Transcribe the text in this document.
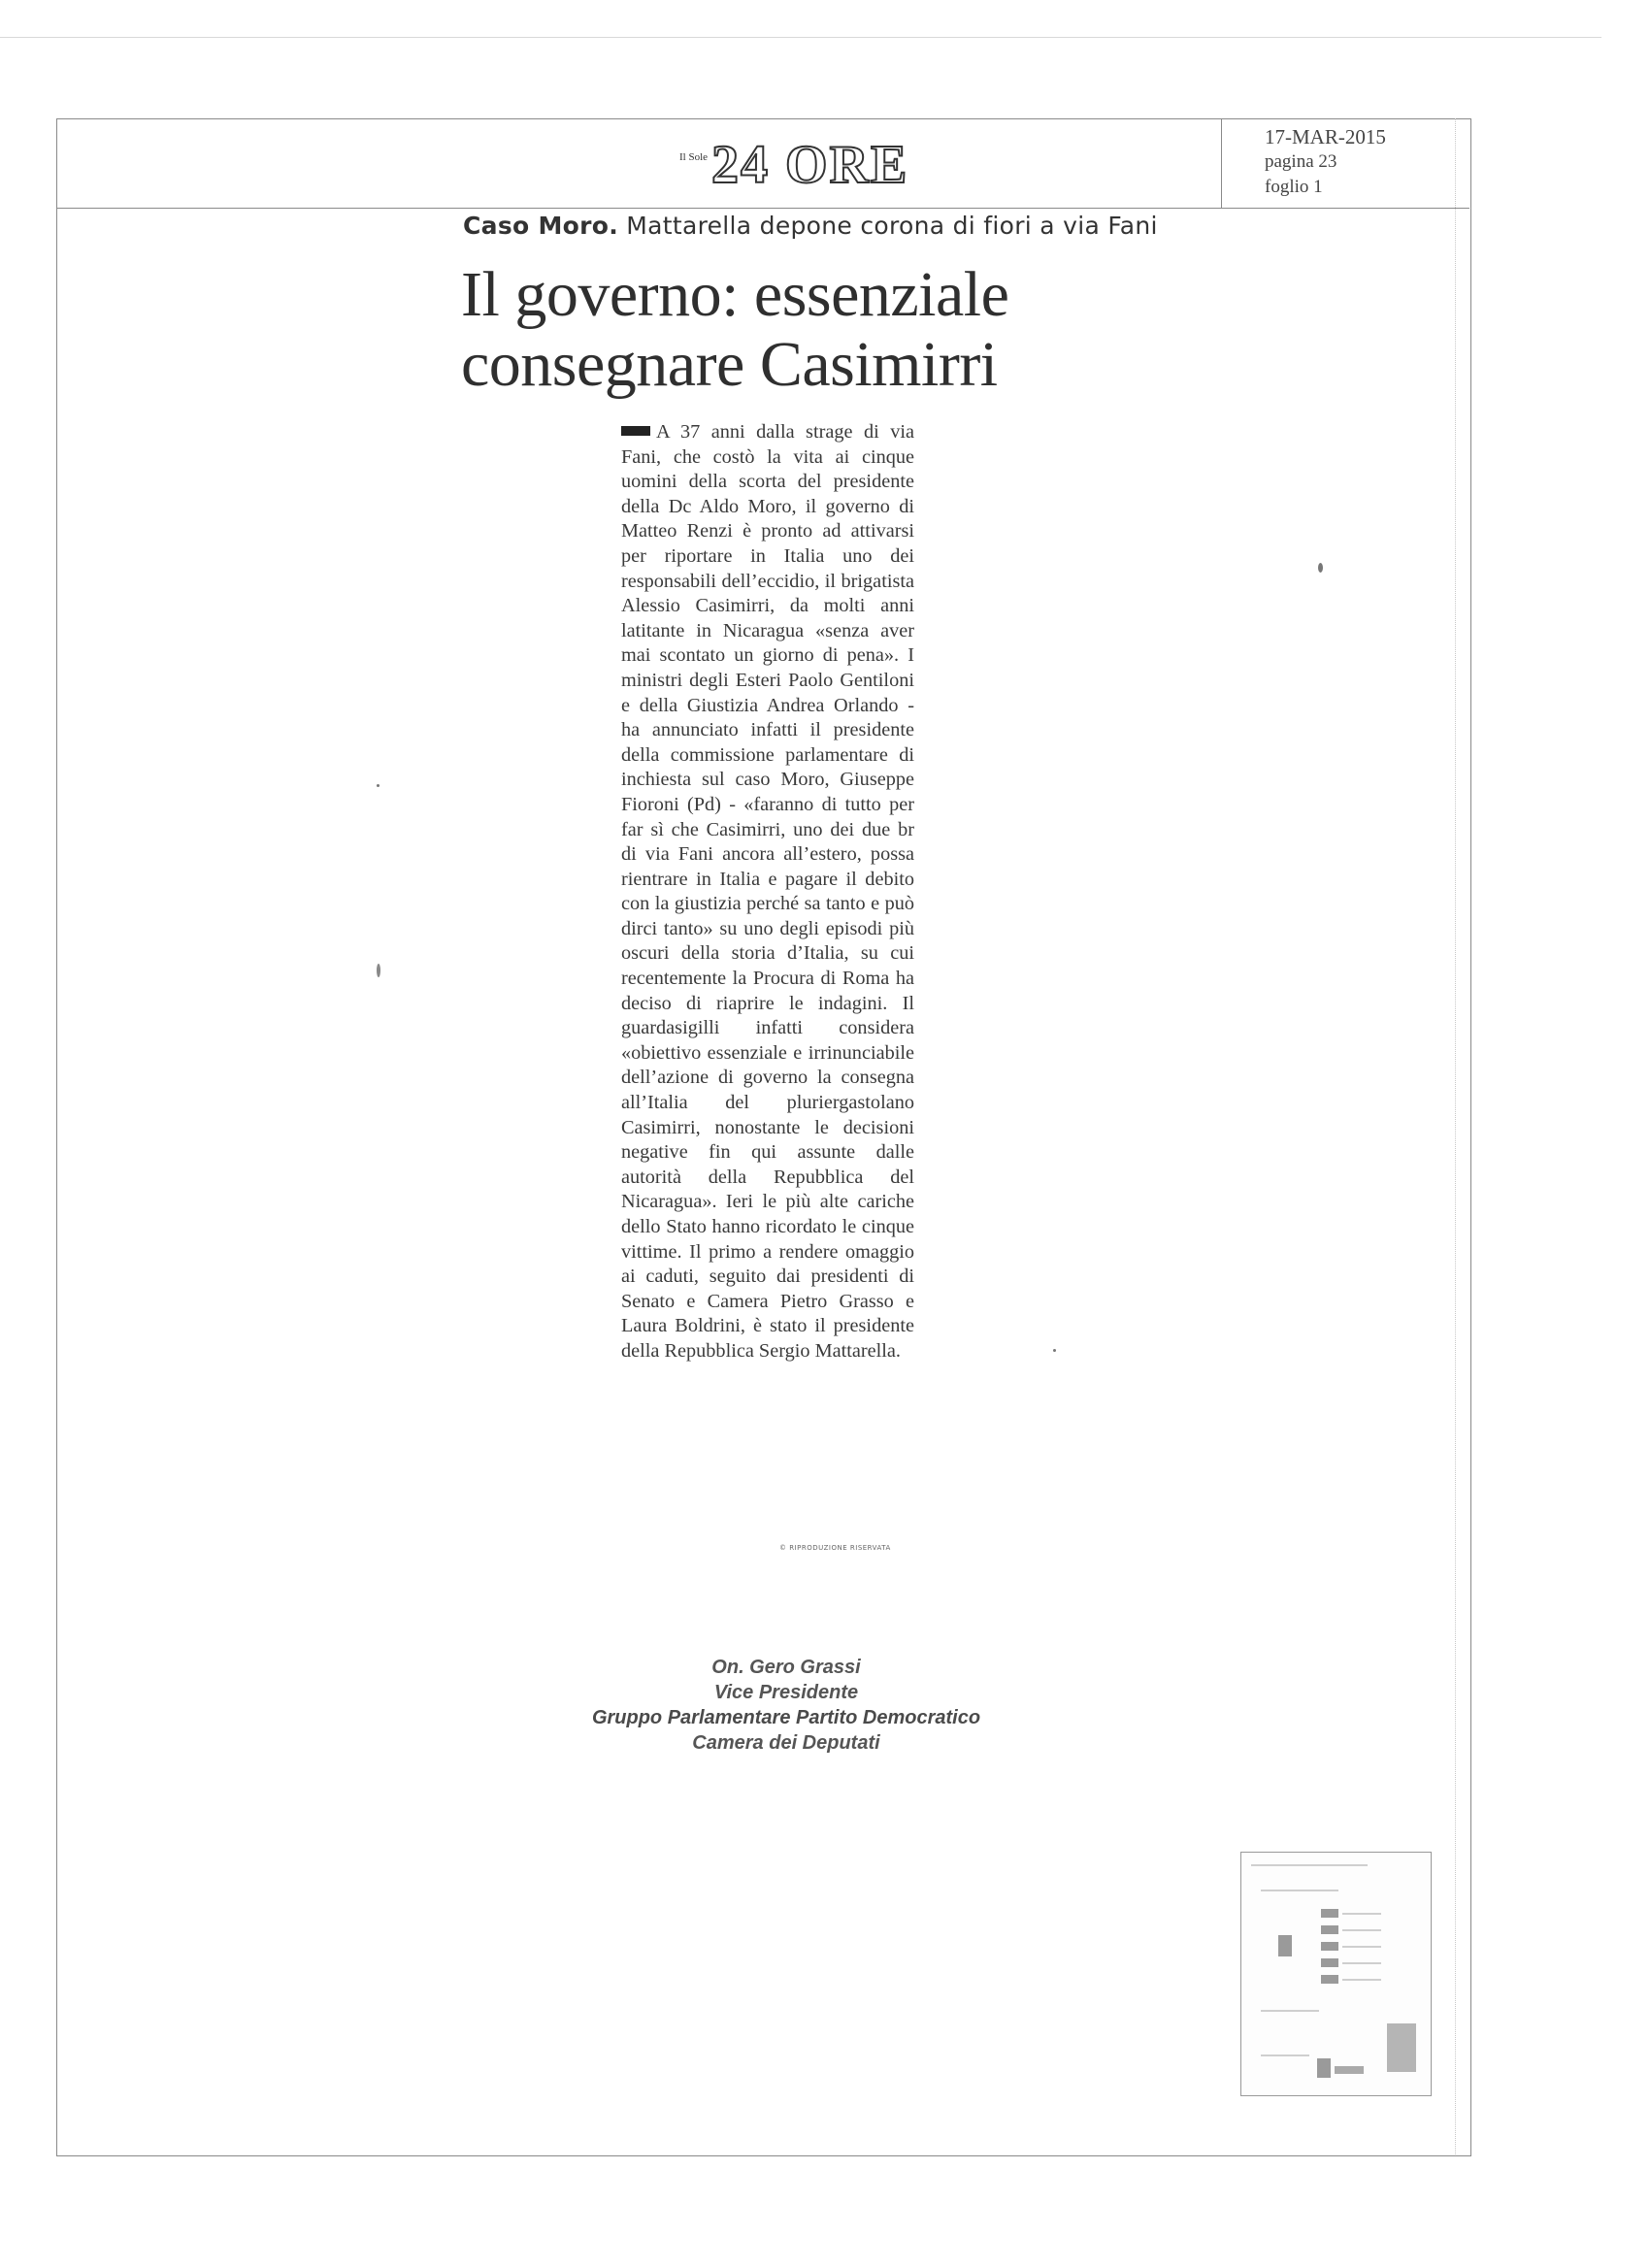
Il Sole 24 ORE	17-MAR-2015
pagina 23
foglio 1
Caso Moro. Mattarella depone corona di fiori a via Fani
Il governo: essenziale
consegnare Casimirri
A 37 anni dalla strage di via Fani, che costò la vita ai cinque uomini della scorta del presidente della Dc Aldo Moro, il governo di Matteo Renzi è pronto ad attivarsi per riportare in Italia uno dei responsabili dell’eccidio, il brigatista Alessio Casimirri, da molti anni latitante in Nicaragua «senza aver mai scontato un giorno di pena». I ministri degli Esteri Paolo Gentiloni e della Giustizia Andrea Orlando - ha annunciato infatti il presidente della commissione parlamentare di inchiesta sul caso Moro, Giuseppe Fioroni (Pd) - «faranno di tutto per far sì che Casimirri, uno dei due br di via Fani ancora all’estero, possa rientrare in Italia e pagare il debito con la giustizia perché sa tanto e può dirci tanto» su uno degli episodi più oscuri della storia d’Italia, su cui recentemente la Procura di Roma ha deciso di riaprire le indagini. Il guardasigilli infatti considera «obiettivo essenziale e irrinunciabile dell’azione di governo la consegna all’Italia del pluriergastolano Casimirri, nonostante le decisioni negative fin qui assunte dalle autorità della Repubblica del Nicaragua». Ieri le più alte cariche dello Stato hanno ricordato le cinque vittime. Il primo a rendere omaggio ai caduti, seguito dai presidenti di Senato e Camera Pietro Grasso e Laura Boldrini, è stato il presidente della Repubblica Sergio Mattarella.
© RIPRODUZIONE RISERVATA
On. Gero Grassi
Vice Presidente
Gruppo Parlamentare Partito Democratico
Camera dei Deputati
